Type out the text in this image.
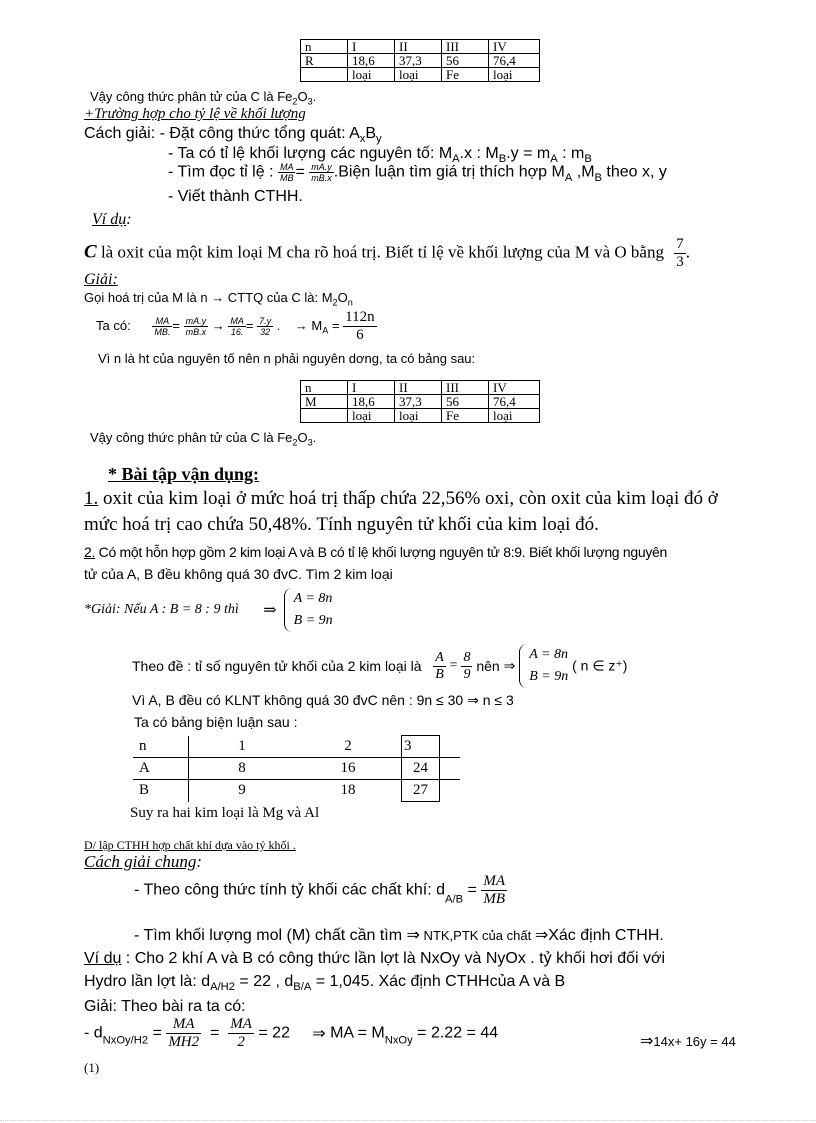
n	I	II	III	IV
R	18,6	37,3	56	76,4
	loại	loại	Fe	loại
Vậy công thức phân tử của C là $Fe_2O_3$.
+Trường hợp cho tỷ lệ về khối lượng
Cách giải: - Đặt công thức tổng quát: $A_xB_y$
- Ta có tỉ lệ khối lượng các nguyên tố: $M_A.x$ : $M_B.y = m_A$ : $m_B$
- Tìm đọc tỉ lệ : $\frac{MA}{MB} = \frac{mA.y}{mB.x}$ .Biện luận tìm giá trị thích hợp $M_A$ $,M_B$ theo x, y
- Viết thành CTHH.
Ví dụ:
C là oxit của một kim loại M cha rõ hoá trị. Biết tỉ lệ về khối lượng của M và O bằng $\frac{7}{3}$ .
Giải:
Gọi hoá trị của M là n → CTTQ của C là: $M_2O_n$
Ta có: $\frac{MA}{MB.} = \frac{mA.y}{mB.x} \to \frac{MA}{16.} = \frac{7.y}{32}$ . → $M_A = \frac{112n}{6}$
Vì n là ht của nguyên tố nên n phải nguyên dơng, ta có bảng sau:
n	I	II	III	IV
M	18,6	37,3	56	76,4
	loại	loại	Fe	loại
Vậy công thức phân tử của C là $Fe_2O_3$.
* Bài tập vận dụng:
1. oxit của kim loại ở mức hoá trị thấp chứa 22,56% oxi, còn oxit của kim loại đó ở
mức hoá trị cao chứa 50,48%. Tính nguyên tử khối của kim loại đó.
2. Có một hỗn hợp gồm 2 kim loại A và B có tỉ lệ khối lượng nguyên tử 8:9. Biết khối lượng nguyên
tử của A, B đều không quá 30 đvC. Tìm 2 kim loại
*Giải: Nếu A : B = 8 : 9 thì ⇒
A = 8n
B = 9n
Theo đề : tỉ số nguyên tử khối của 2 kim loại là $\frac{A}{B} = \frac{8}{9}$ nên ⇒
A = 8n
B = 9n
( n ∈ z⁺)
Vì A, B đều có KLNT không quá 30 đvC nên : 9n ≤ 30 ⇒ n ≤ 3
Ta có bảng biện luận sau :
n	1	2	3	
A	8	16	24	
B	9	18	27	
Suy ra hai kim loại là Mg và Al
D/ lập CTHH hợp chất khí dựa vào tỷ khối .
Cách giải chung:
- Theo công thức tính tỷ khối các chất khí: $d_{A/B} = \frac{MA}{MB}$
- Tìm khối lượng mol (M) chất cần tìm ⇒ NTK,PTK của chất ⇒Xác định CTHH.
Ví dụ : Cho 2 khí A và B có công thức lần lợt là NxOy và NyOx . tỷ khối hơi đối với
Hydro lần lợt là: $d_{A/H2} = 22$ , $d_{B/A} = 1,045$. Xác định CTHHcủa A và B
Giải: Theo bài ra ta có:
- $d_{NxOy/H2} = \frac{MA}{MH2} = \frac{MA}{2} = 22$ ⇒ MA = $M_{NxOy} = 2.22 = 44$	⇒14x+ 16y = 44
(1)
